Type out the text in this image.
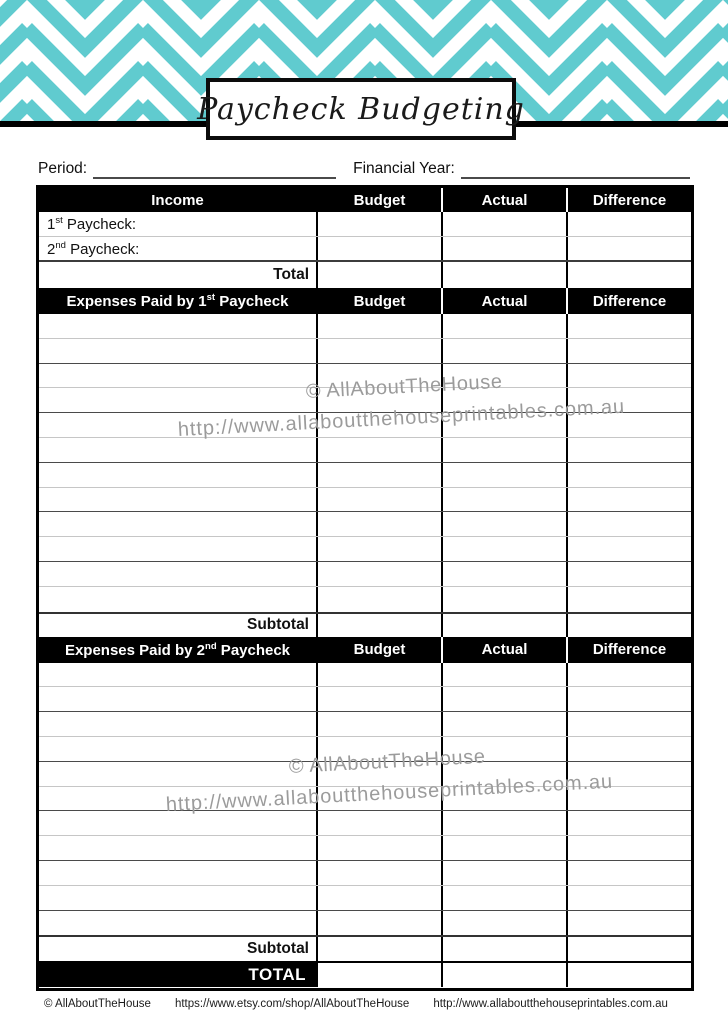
Paycheck Budgeting
Period:	Financial Year:
Income	Budget	Actual	Difference
1st Paycheck:
2nd Paycheck:
Total
Expenses Paid by 1st Paycheck	Budget	Actual	Difference
Subtotal
Expenses Paid by 2nd Paycheck	Budget	Actual	Difference
Subtotal
TOTAL
© AllAboutTheHouse
http://www.allaboutthehouseprintables.com.au
© AllAboutTheHouse
http://www.allaboutthehouseprintables.com.au
© AllAboutTheHouse https://www.etsy.com/shop/AllAboutTheHouse http://www.allaboutthehouseprintables.com.au
